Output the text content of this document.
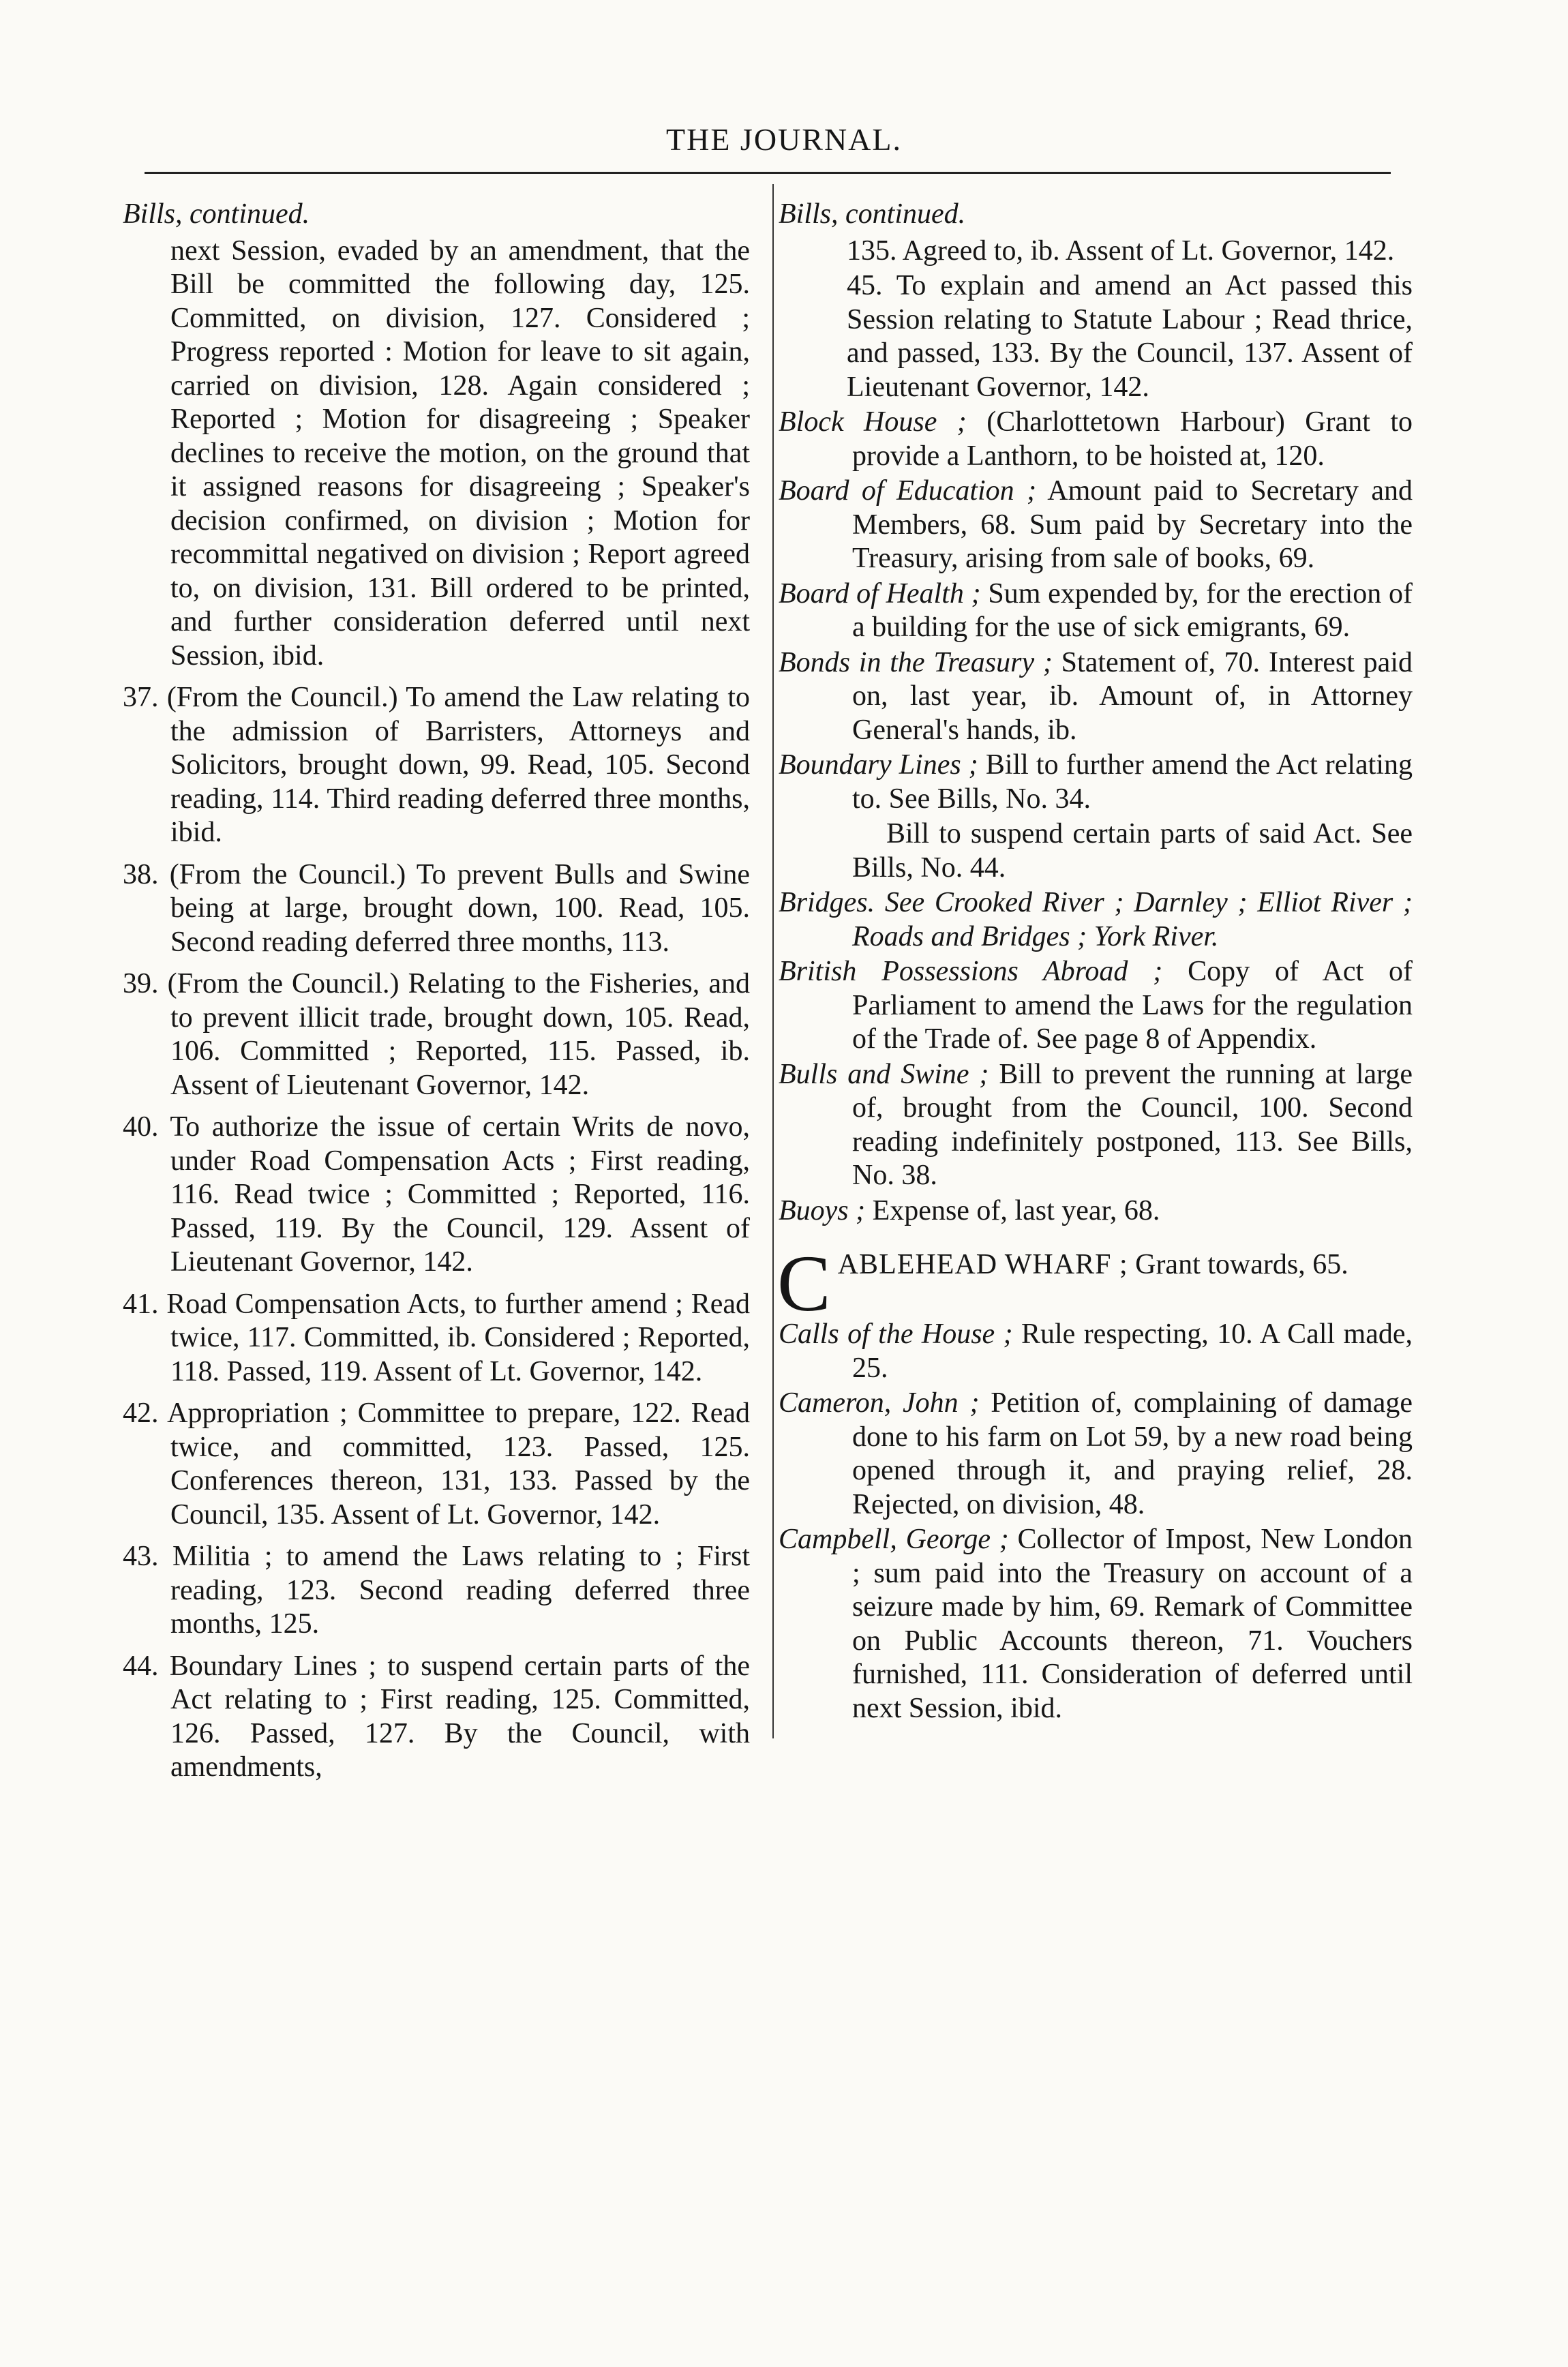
THE JOURNAL.
Bills, continued.
next Session, evaded by an amendment, that the Bill be committed the following day, 125. Committed, on division, 127. Considered ; Progress reported : Motion for leave to sit again, carried on division, 128. Again considered ; Reported ; Motion for disagreeing ; Speaker declines to receive the motion, on the ground that it assigned reasons for disagreeing ; Speaker's decision confirmed, on division ; Motion for recommittal negatived on division ; Report agreed to, on division, 131. Bill ordered to be printed, and further consideration deferred until next Session, ibid.
37. (From the Council.) To amend the Law relating to the admission of Barristers, Attorneys and Solicitors, brought down, 99. Read, 105. Second reading, 114. Third reading deferred three months, ibid.
38. (From the Council.) To prevent Bulls and Swine being at large, brought down, 100. Read, 105. Second reading deferred three months, 113.
39. (From the Council.) Relating to the Fisheries, and to prevent illicit trade, brought down, 105. Read, 106. Committed ; Reported, 115. Passed, ib. Assent of Lieutenant Governor, 142.
40. To authorize the issue of certain Writs de novo, under Road Compensation Acts ; First reading, 116. Read twice ; Committed ; Reported, 116. Passed, 119. By the Council, 129. Assent of Lieutenant Governor, 142.
41. Road Compensation Acts, to further amend ; Read twice, 117. Committed, ib. Considered ; Reported, 118. Passed, 119. Assent of Lt. Governor, 142.
42. Appropriation ; Committee to prepare, 122. Read twice, and committed, 123. Passed, 125. Conferences thereon, 131, 133. Passed by the Council, 135. Assent of Lt. Governor, 142.
43. Militia ; to amend the Laws relating to ; First reading, 123. Second reading deferred three months, 125.
44. Boundary Lines ; to suspend certain parts of the Act relating to ; First reading, 125. Committed, 126. Passed, 127. By the Council, with amendments,
Bills, continued.
135. Agreed to, ib. Assent of Lt. Governor, 142.
45. To explain and amend an Act passed this Session relating to Statute Labour ; Read thrice, and passed, 133. By the Council, 137. Assent of Lieutenant Governor, 142.
Block House ; (Charlottetown Harbour) Grant to provide a Lanthorn, to be hoisted at, 120.
Board of Education ; Amount paid to Secretary and Members, 68. Sum paid by Secretary into the Treasury, arising from sale of books, 69.
Board of Health ; Sum expended by, for the erection of a building for the use of sick emigrants, 69.
Bonds in the Treasury ; Statement of, 70. Interest paid on, last year, ib. Amount of, in Attorney General's hands, ib.
Boundary Lines ; Bill to further amend the Act relating to. See Bills, No. 34.
Bill to suspend certain parts of said Act. See Bills, No. 44.
Bridges. See Crooked River ; Darnley ; Elliot River ; Roads and Bridges ; York River.
British Possessions Abroad ; Copy of Act of Parliament to amend the Laws for the regulation of the Trade of. See page 8 of Appendix.
Bulls and Swine ; Bill to prevent the running at large of, brought from the Council, 100. Second reading indefinitely postponed, 113. See Bills, No. 38.
Buoys ; Expense of, last year, 68.
C ABLEHEAD WHARF ; Grant towards, 65.
Calls of the House ; Rule respecting, 10. A Call made, 25.
Cameron, John ; Petition of, complaining of damage done to his farm on Lot 59, by a new road being opened through it, and praying relief, 28. Rejected, on division, 48.
Campbell, George ; Collector of Impost, New London ; sum paid into the Treasury on account of a seizure made by him, 69. Remark of Committee on Public Accounts thereon, 71. Vouchers furnished, 111. Consideration of deferred until next Session, ibid.
